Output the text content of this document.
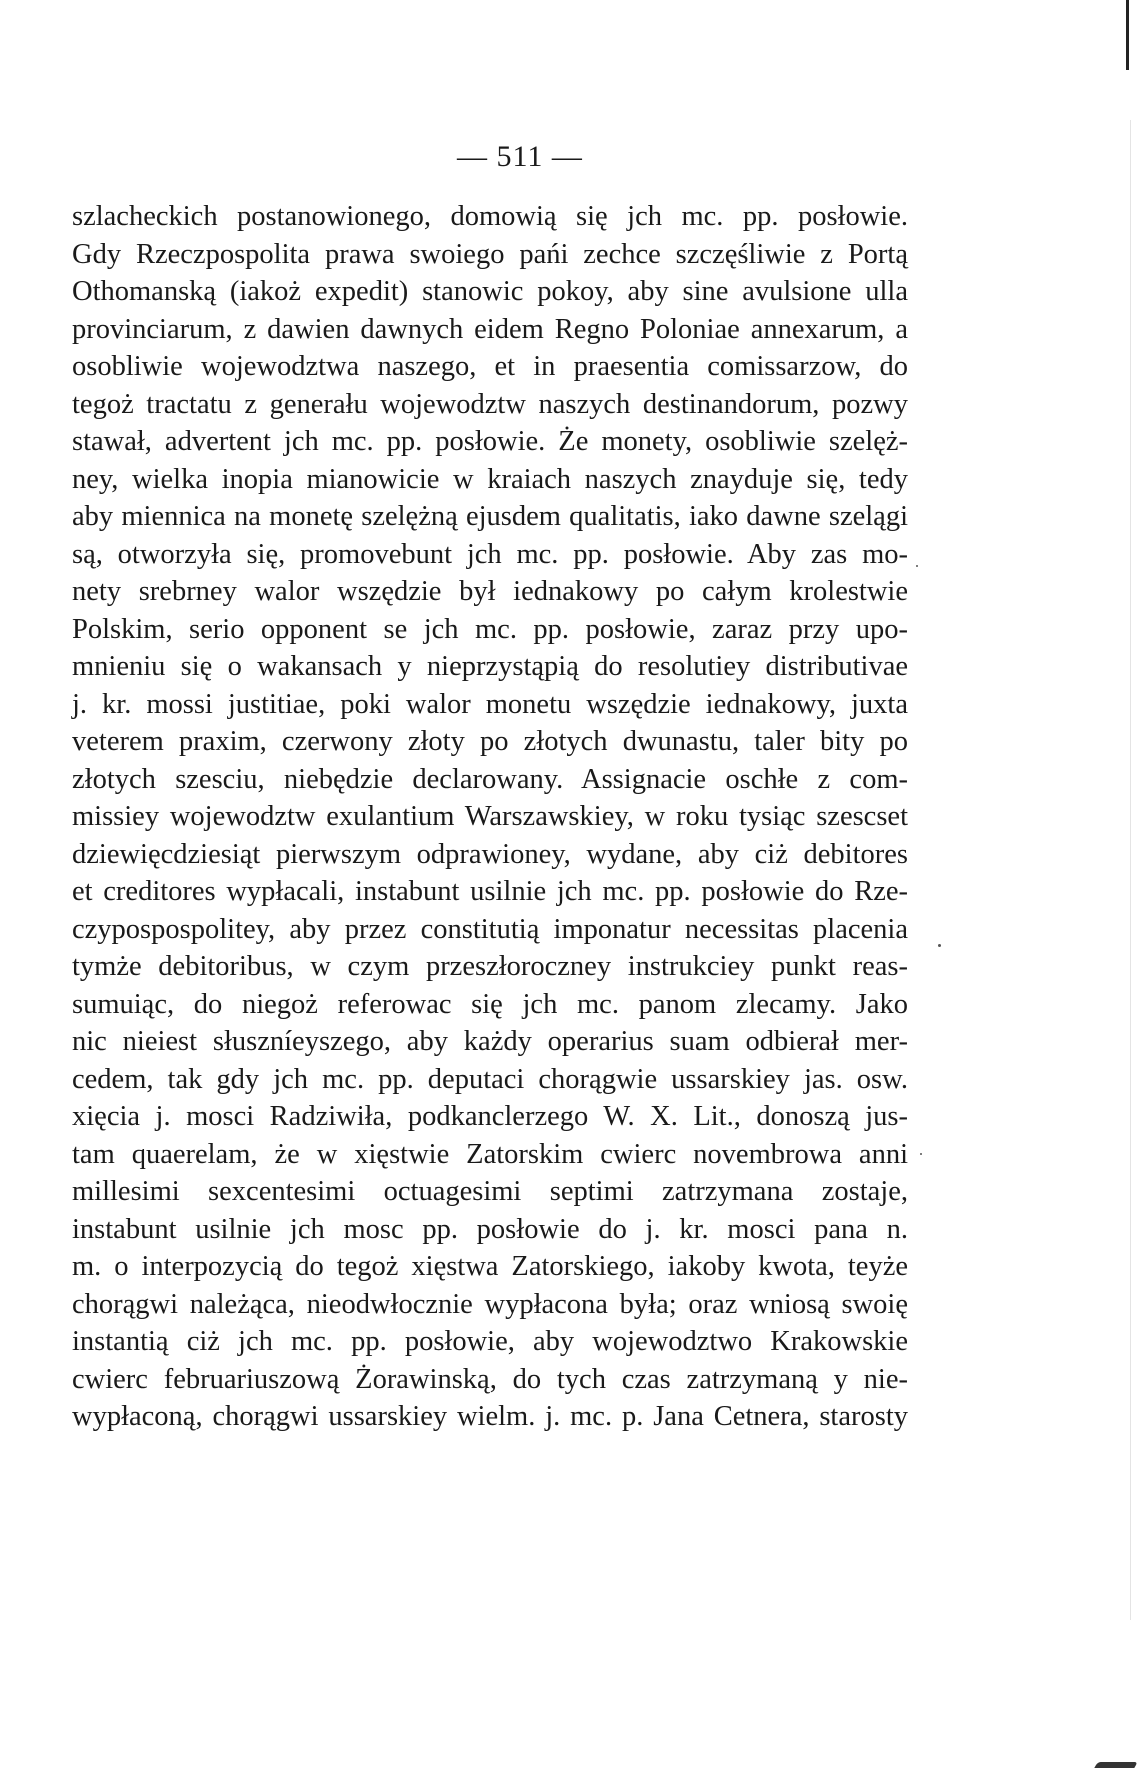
— 511 —
szlacheckich postanowionego, domowią się jch mc. pp. posłowie.
Gdy Rzeczpospolita prawa swoiego pańi zechce szczęśliwie z Portą
Othomanską (iakoż expedit) stanowic pokoy, aby sine avulsione ulla
provinciarum, z dawien dawnych eidem Regno Poloniae annexarum, a
osobliwie wojewodztwa naszego, et in praesentia comissarzow, do
tegoż tractatu z generału wojewodztw naszych destinandorum, pozwy
stawał, advertent jch mc. pp. posłowie. Że monety, osobliwie szelęż-
ney, wielka inopia mianowicie w kraiach naszych znayduje się, tedy
aby miennica na monetę szelężną ejusdem qualitatis, iako dawne szelągi
są, otworzyła się, promovebunt jch mc. pp. posłowie. Aby zas mo-
nety srebrney walor wszędzie był iednakowy po całym krolestwie
Polskim, serio opponent se jch mc. pp. posłowie, zaraz przy upo-
mnieniu się o wakansach y nieprzystąpią do resolutiey distributivae
j. kr. mossi justitiae, poki walor monetu wszędzie iednakowy, juxta
veterem praxim, czerwony złoty po złotych dwunastu, taler bity po
złotych szesciu, niebędzie declarowany. Assignacie oschłe z com-
missiey wojewodztw exulantium Warszawskiey, w roku tysiąc szescset
dziewięcdziesiąt pierwszym odprawioney, wydane, aby ciż debitores
et creditores wypłacali, instabunt usilnie jch mc. pp. posłowie do Rze-
czypospospolitey, aby przez constitutią imponatur necessitas placenia
tymże debitoribus, w czym przeszłoroczney instrukciey punkt reas-
sumuiąc, do niegoż referowac się jch mc. panom zlecamy. Jako
nic nieiest słuszníeyszego, aby każdy operarius suam odbierał mer-
cedem, tak gdy jch mc. pp. deputaci chorągwie ussarskiey jas. osw.
xięcia j. mosci Radziwiła, podkanclerzego W. X. Lit., donoszą jus-
tam quaerelam, że w xięstwie Zatorskim cwierc novembrowa anni
millesimi sexcentesimi octuagesimi septimi zatrzymana zostaje,
instabunt usilnie jch mosc pp. posłowie do j. kr. mosci pana n.
m. o interpozycią do tegoż xięstwa Zatorskiego, iakoby kwota, teyże
chorągwi należąca, nieodwłocznie wypłacona była; oraz wniosą swoię
instantią ciż jch mc. pp. posłowie, aby wojewodztwo Krakowskie
cwierc februariuszową Żorawinską, do tych czas zatrzymaną y nie-
wypłaconą, chorągwi ussarskiey wielm. j. mc. p. Jana Cetnera, starosty
